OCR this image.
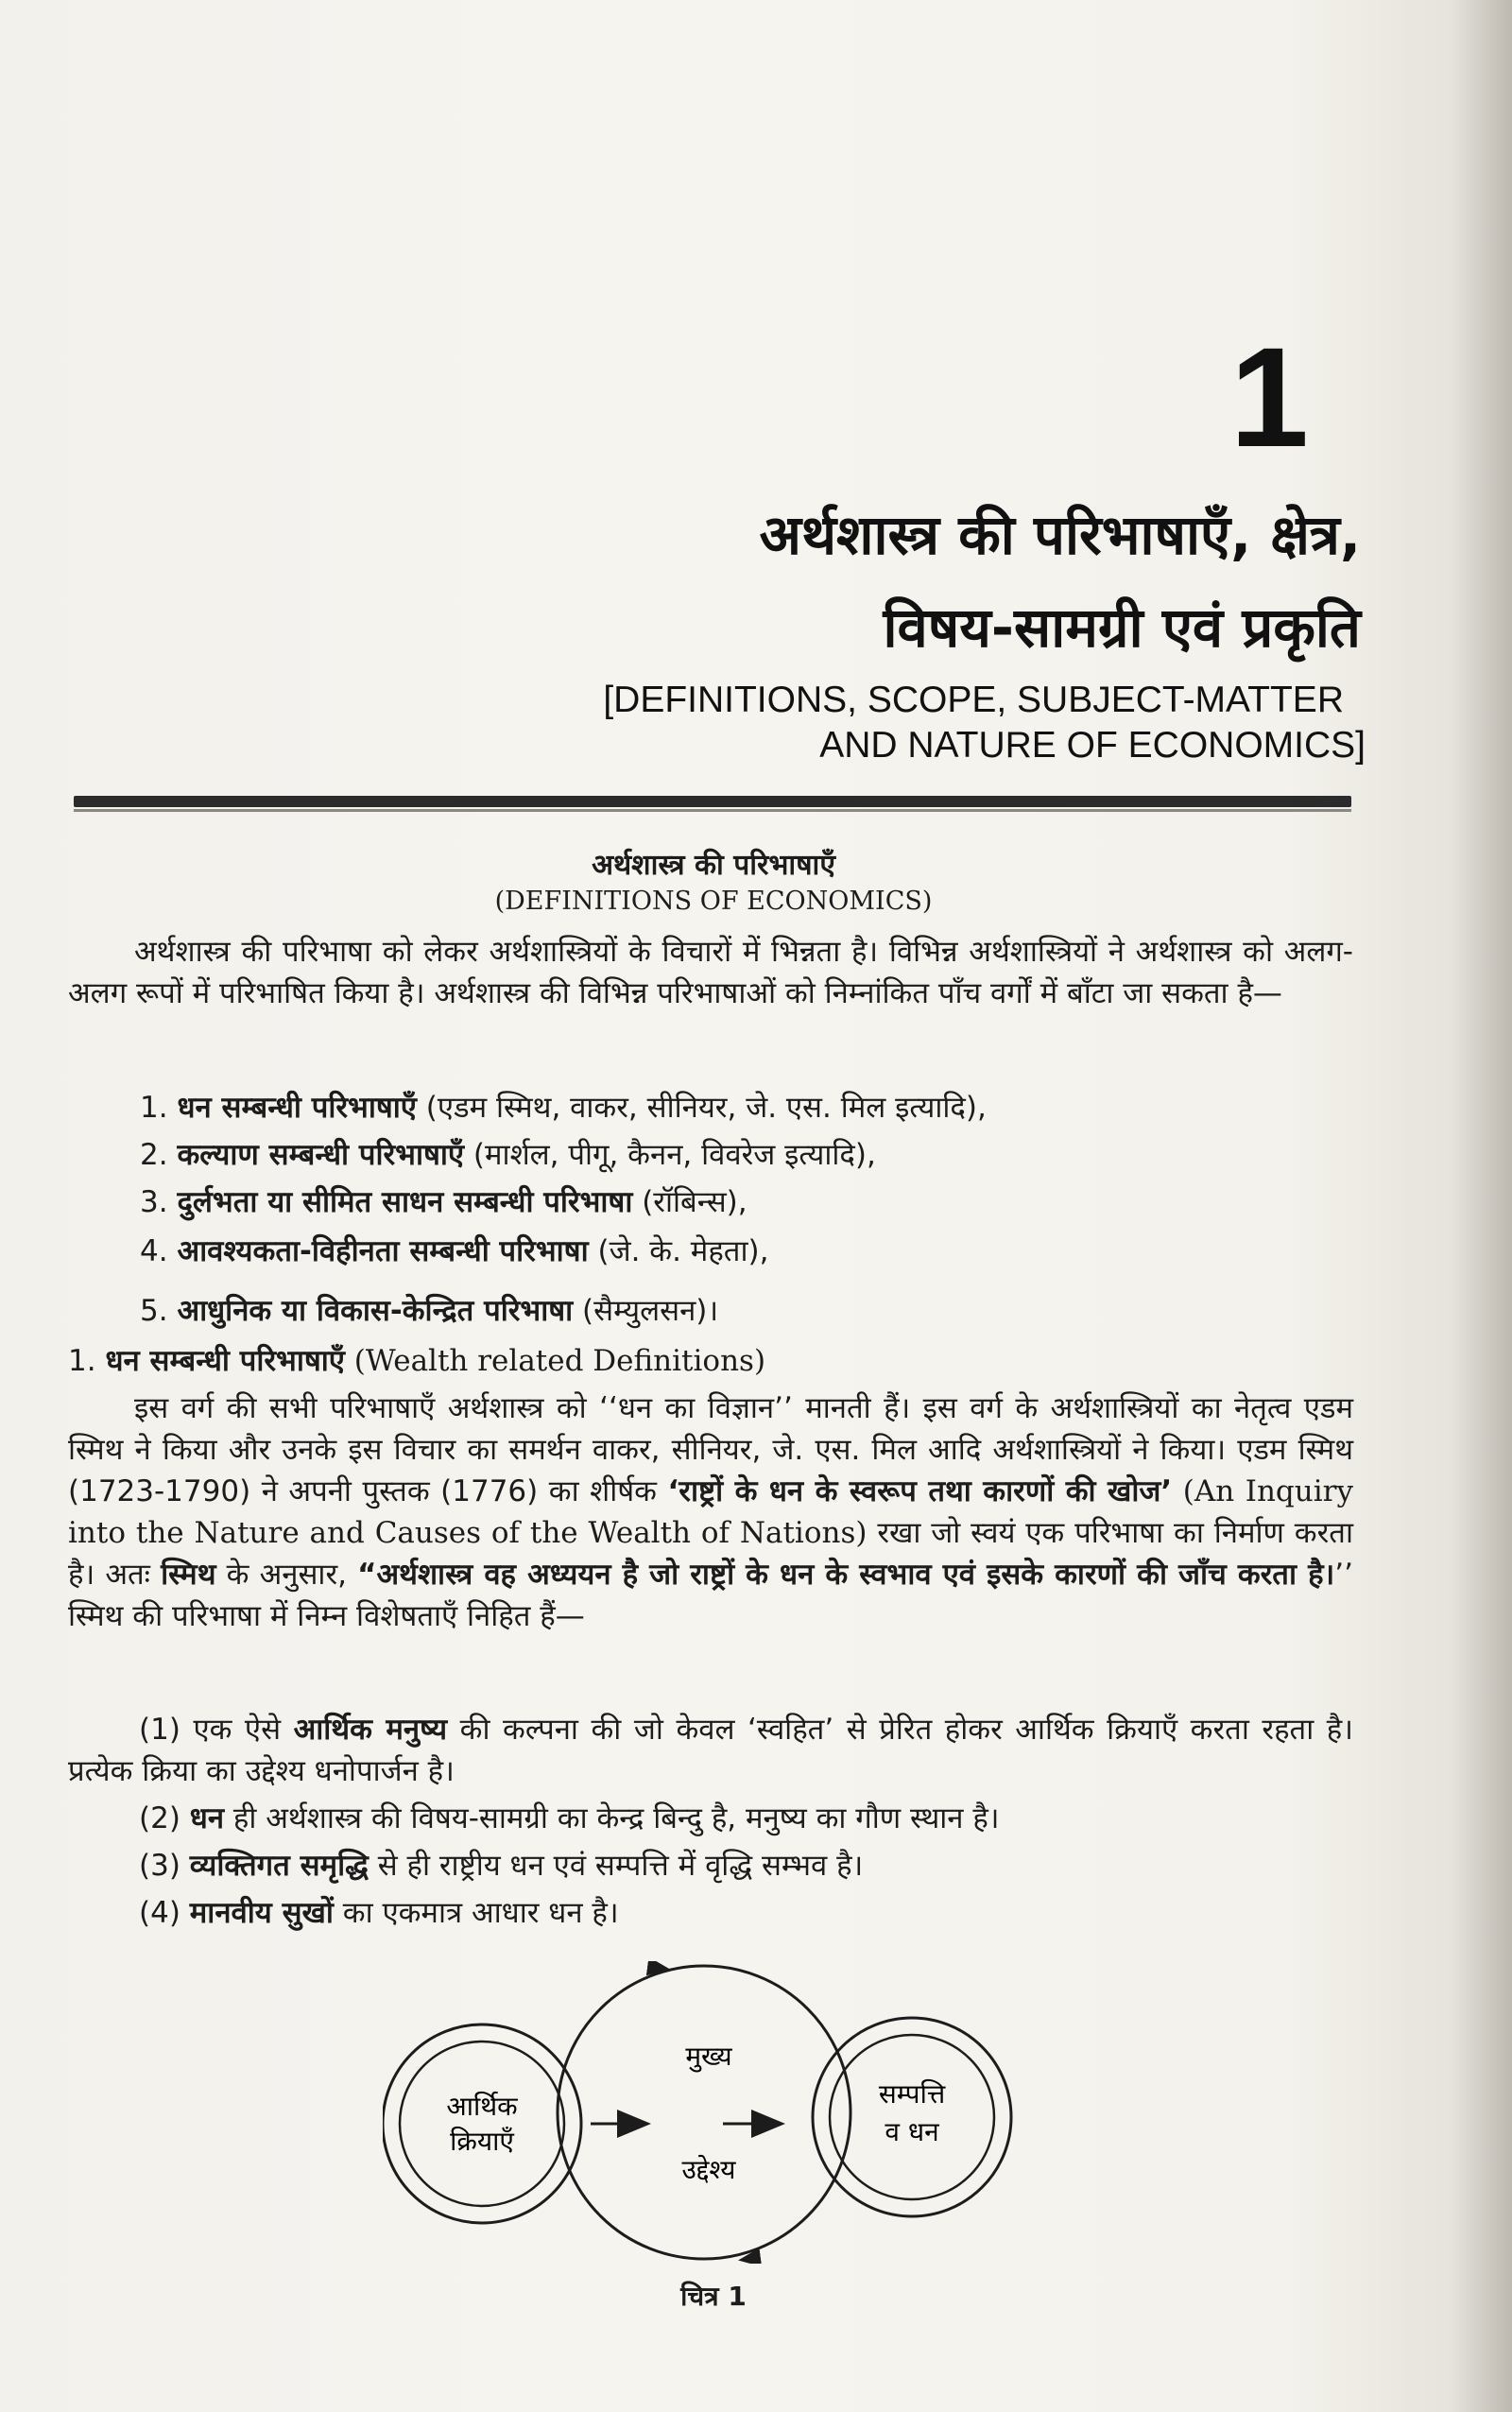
1
अर्थशास्त्र की परिभाषाएँ, क्षेत्र,
विषय-सामग्री एवं प्रकृति
[DEFINITIONS, SCOPE, SUBJECT-MATTER
AND NATURE OF ECONOMICS]
अर्थशास्त्र की परिभाषाएँ
(DEFINITIONS OF ECONOMICS)

अर्थशास्त्र की परिभाषा को लेकर अर्थशास्त्रियों के विचारों में भिन्नता है। विभिन्न अर्थशास्त्रियों ने अर्थशास्त्र को अलग-अलग रूपों में परिभाषित किया है। अर्थशास्त्र की विभिन्न परिभाषाओं को निम्नांकित पाँच वर्गों में बाँटा जा सकता है—

1. धन सम्बन्धी परिभाषाएँ (एडम स्मिथ, वाकर, सीनियर, जे. एस. मिल इत्यादि),
2. कल्याण सम्बन्धी परिभाषाएँ (मार्शल, पीगू, कैनन, विवरेज इत्यादि),
3. दुर्लभता या सीमित साधन सम्बन्धी परिभाषा (रॉबिन्स),
4. आवश्यकता-विहीनता सम्बन्धी परिभाषा (जे. के. मेहता),
5. आधुनिक या विकास-केन्द्रित परिभाषा (सैम्युलसन)।
1. धन सम्बन्धी परिभाषाएँ (Wealth related Definitions)

इस वर्ग की सभी परिभाषाएँ अर्थशास्त्र को ‘‘धन का विज्ञान’’ मानती हैं। इस वर्ग के अर्थशास्त्रियों का नेतृत्व एडम स्मिथ ने किया और उनके इस विचार का समर्थन वाकर, सीनियर, जे. एस. मिल आदि अर्थशास्त्रियों ने किया। एडम स्मिथ (1723-1790) ने अपनी पुस्तक (1776) का शीर्षक ‘राष्ट्रों के धन के स्वरूप तथा कारणों की खोज’ (An Inquiry into the Nature and Causes of the Wealth of Nations) रखा जो स्वयं एक परिभाषा का निर्माण करता है। अतः स्मिथ के अनुसार, “अर्थशास्त्र वह अध्ययन है जो राष्ट्रों के धन के स्वभाव एवं इसके कारणों की जाँच करता है।’’ स्मिथ की परिभाषा में निम्न विशेषताएँ निहित हैं—

(1) एक ऐसे आर्थिक मनुष्य की कल्पना की जो केवल ‘स्वहित’ से प्रेरित होकर आर्थिक क्रियाएँ करता रहता है। प्रत्येक क्रिया का उद्देश्य धनोपार्जन है।

(2) धन ही अर्थशास्त्र की विषय-सामग्री का केन्द्र बिन्दु है, मनुष्य का गौण स्थान है।

(3) व्यक्तिगत समृद्धि से ही राष्ट्रीय धन एवं सम्पत्ति में वृद्धि सम्भव है।

(4) मानवीय सुखों का एकमात्र आधार धन है।

आर्थिक
क्रियाएँ
मुख्य
उद्देश्य
सम्पत्ति
व धन
चित्र 1
